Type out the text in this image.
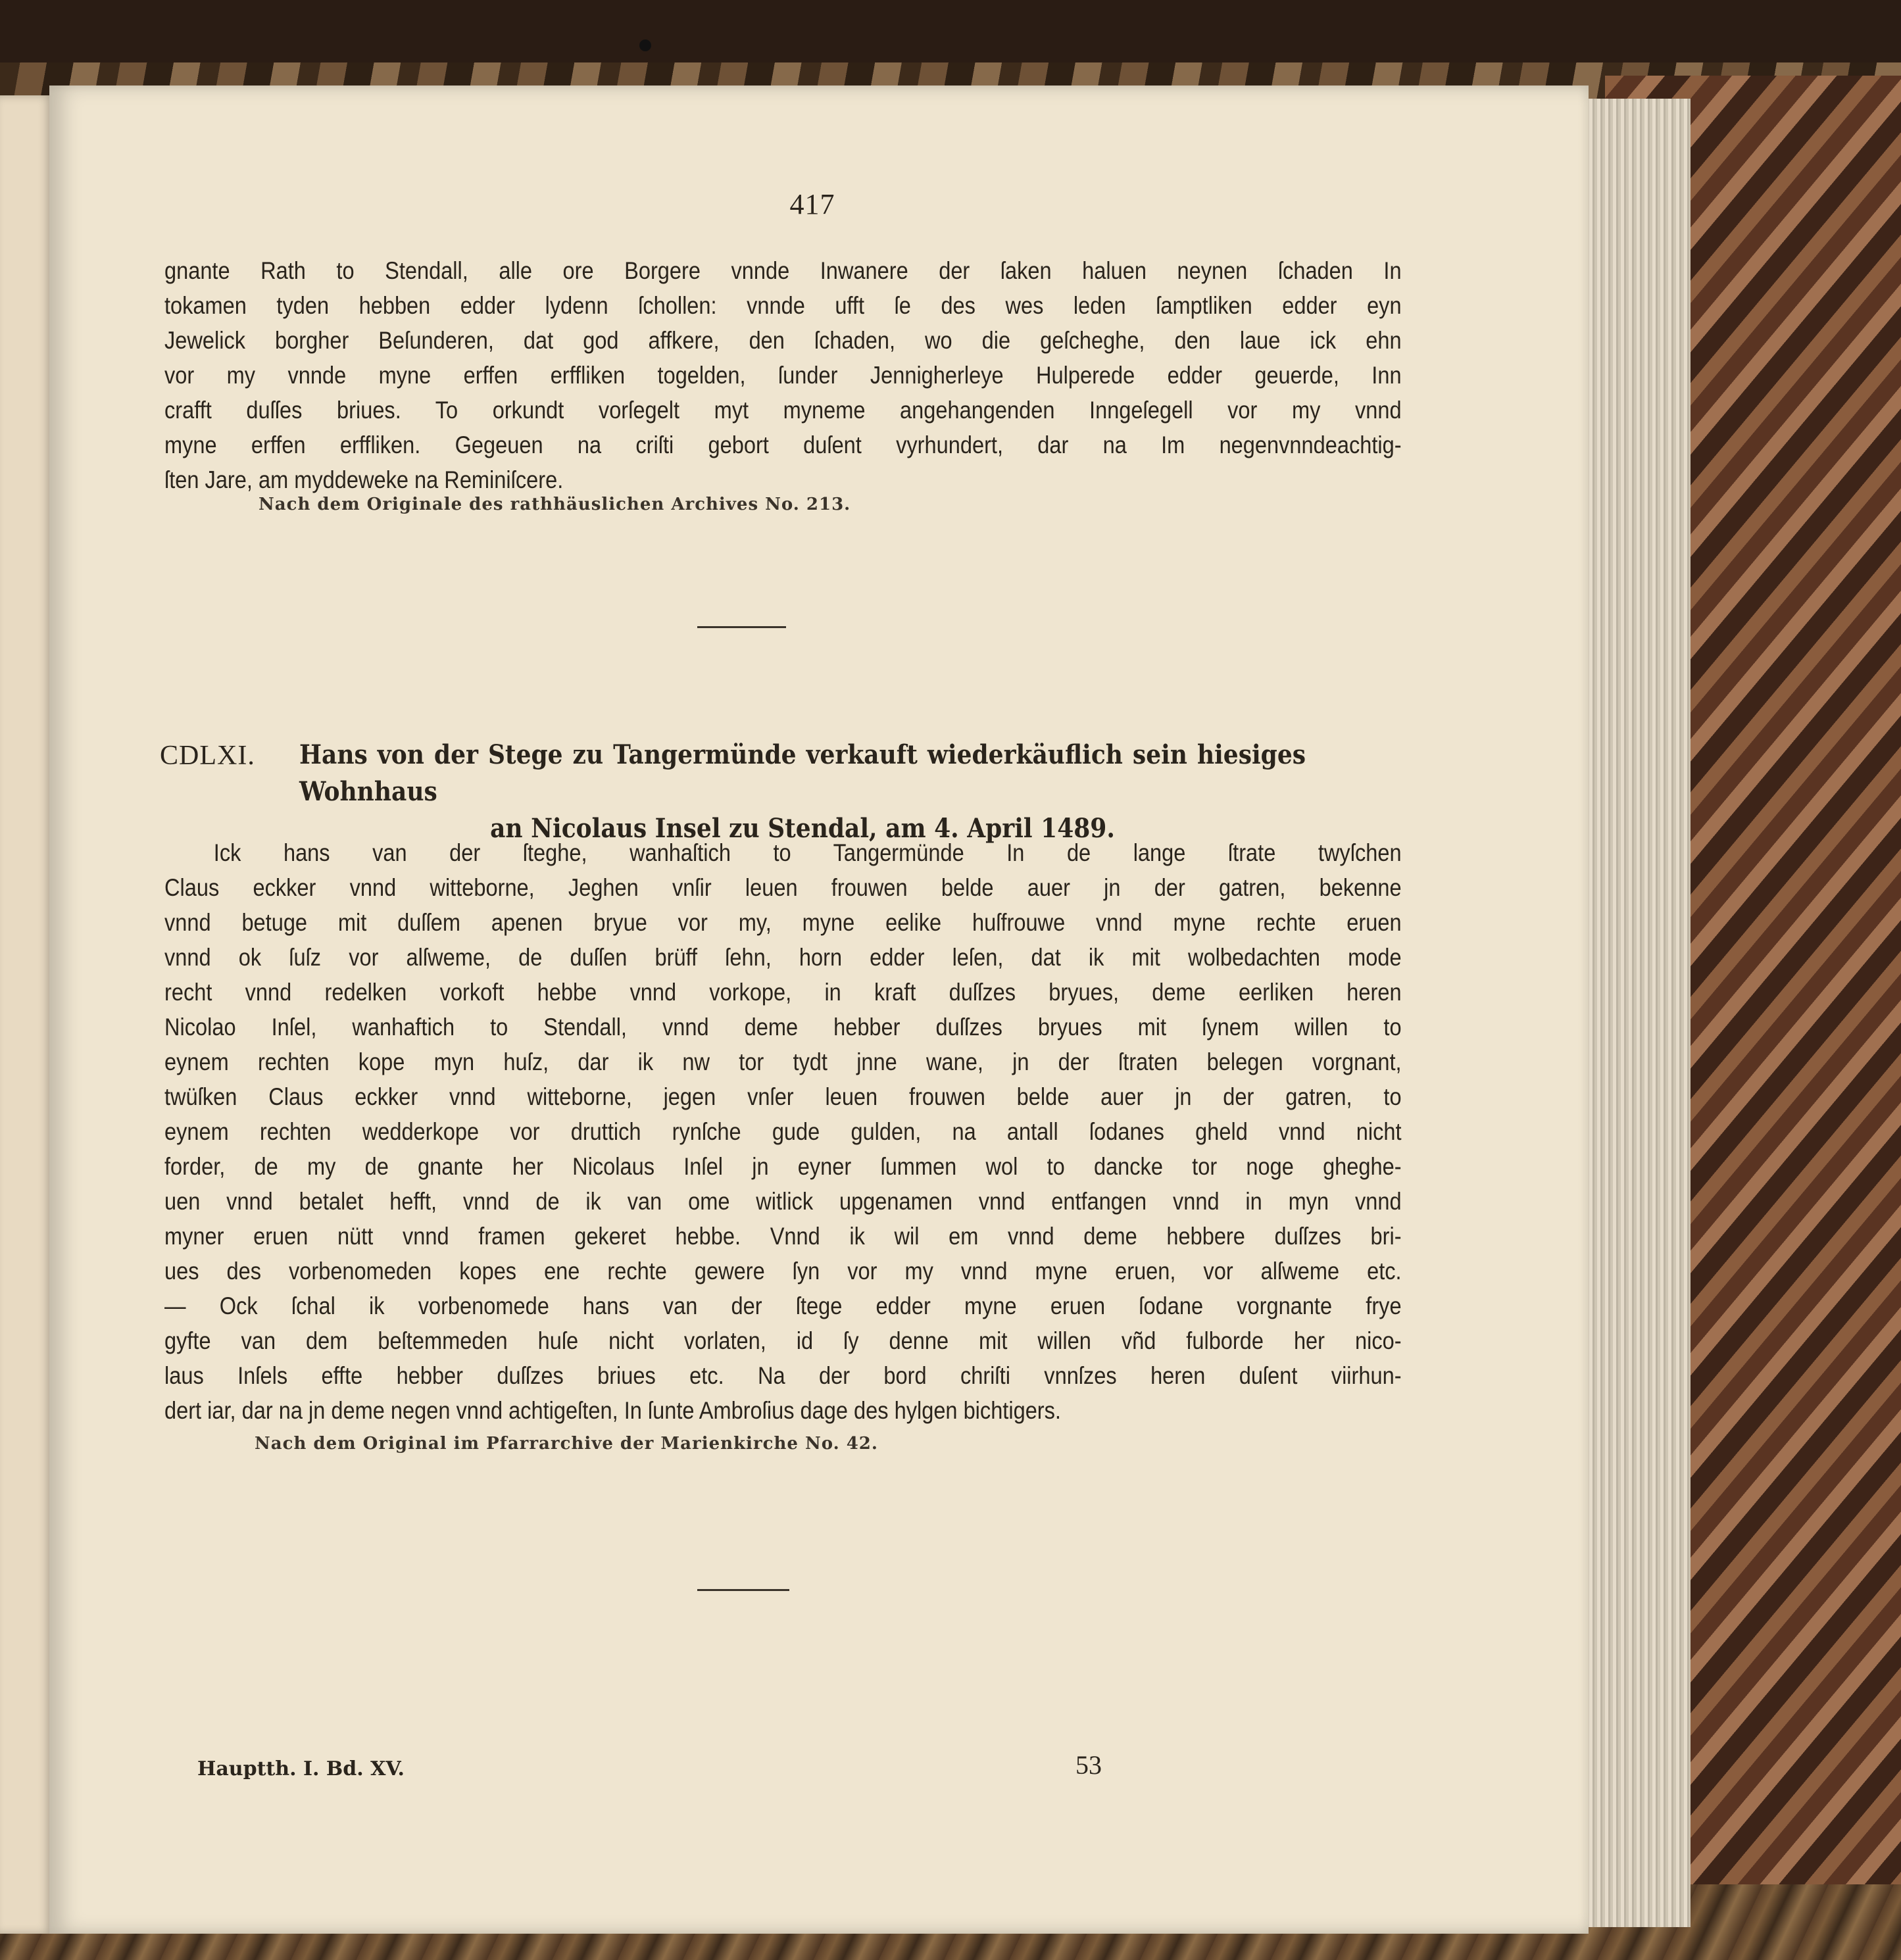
417
gnante Rath to Stendall, alle ore Borgere vnnde Inwanere der ſaken haluen neynen ſchaden In
tokamen tyden hebben edder lydenn ſchollen: vnnde ufft ſe des wes leden ſamptliken edder eyn
Jewelick borgher Beſunderen, dat god affkere, den ſchaden, wo die geſcheghe, den laue ick ehn
vor my vnnde myne erffen erffliken togelden, ſunder Jennigherleye Hulperede edder geuerde, Inn
crafft duſſes briues. To orkundt vorſegelt myt myneme angehangenden Inngeſegell vor my vnnd
myne erffen erffliken. Gegeuen na criſti gebort duſent vyrhundert, dar na Im negenvnndeachtig-
ſten Jare, am myddeweke na Reminiſcere.
Nach dem Originale des rathhäuslichen Archives No. 213.
CDLXI. Hans von der Stege zu Tangermünde verkauft wiederkäuflich sein hiesiges Wohnhaus
an Nicolaus Insel zu Stendal, am 4. April 1489.
Ick hans van der ſteghe, wanhaſtich to Tangermünde In de lange ſtrate twyſchen
Claus eckker vnnd witteborne, Jeghen vnſir leuen frouwen belde auer jn der gatren, bekenne
vnnd betuge mit duſſem apenen bryue vor my, myne eelike huſfrouwe vnnd myne rechte eruen
vnnd ok ſuſz vor alſweme, de duſſen brüff ſehn, horn edder leſen, dat ik mit wolbedachten mode
recht vnnd redelken vorkoft hebbe vnnd vorkope, in kraft duſſzes bryues, deme eerliken heren
Nicolao Inſel, wanhaftich to Stendall, vnnd deme hebber duſſzes bryues mit ſynem willen to
eynem rechten kope myn huſz, dar ik nw tor tydt jnne wane, jn der ſtraten belegen vorgnant,
twüſken Claus eckker vnnd witteborne, jegen vnſer leuen frouwen belde auer jn der gatren, to
eynem rechten wedderkope vor druttich rynſche gude gulden, na antall ſodanes gheld vnnd nicht
forder, de my de gnante her Nicolaus Inſel jn eyner ſummen wol to dancke tor noge gheghe-
uen vnnd betalet hefft, vnnd de ik van ome witlick upgenamen vnnd entfangen vnnd in myn vnnd
myner eruen nütt vnnd framen gekeret hebbe. Vnnd ik wil em vnnd deme hebbere duſſzes bri-
ues des vorbenomeden kopes ene rechte gewere ſyn vor my vnnd myne eruen, vor alſweme etc.
— Ock ſchal ik vorbenomede hans van der ſtege edder myne eruen ſodane vorgnante frye
gyfte van dem beſtemmeden huſe nicht vorlaten, id ſy denne mit willen vñd fulborde her nico-
laus Inſels effte hebber duſſzes briues etc. Na der bord chriſti vnnſzes heren duſent viirhun-
dert iar, dar na jn deme negen vnnd achtigeſten, In ſunte Ambroſius dage des hylgen bichtigers.
Nach dem Original im Pfarrarchive der Marienkirche No. 42.
Hauptth. I. Bd. XV.	53
